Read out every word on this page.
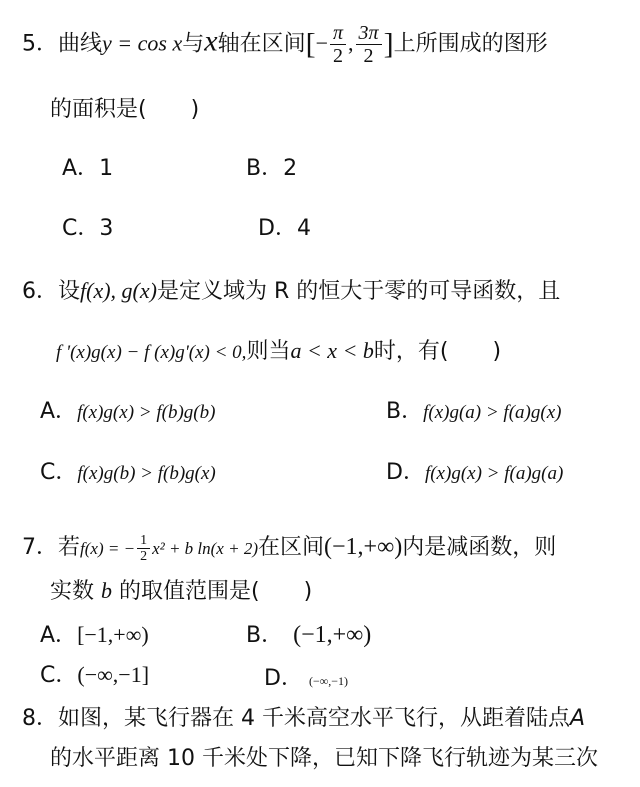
5．曲线y = cos x与x轴在区间[− $\frac{\pi}{2}$ , $\frac{3\pi}{2}$ ]上所围成的图形
的面积是(　　)
A．1	B．2
C．3	D．4
6．设f(x), g(x)是定义域为 R 的恒大于零的可导函数，且
f '(x)g(x) − f (x)g'(x) < 0,则当a < x < b时，有(　　)
A．f(x)g(x) > f(b)g(b)	B．f(x)g(a) > f(a)g(x)
C．f(x)g(b) > f(b)g(x)	D．f(x)g(x) > f(a)g(a)
7．若f(x) = − $\frac{1}{2} x^2 + b$ ln(x + 2)在区间(−1,+∞)内是减函数，则
实数 b 的取值范围是(　　)
A．[−1,+∞)	B． (−1,+∞)
C．(−∞,−1]	D． (−∞,−1)
8．如图，某飞行器在 4 千米高空水平飞行，从距着陆点A
的水平距离 10 千米处下降，已知下降飞行轨迹为某三次
